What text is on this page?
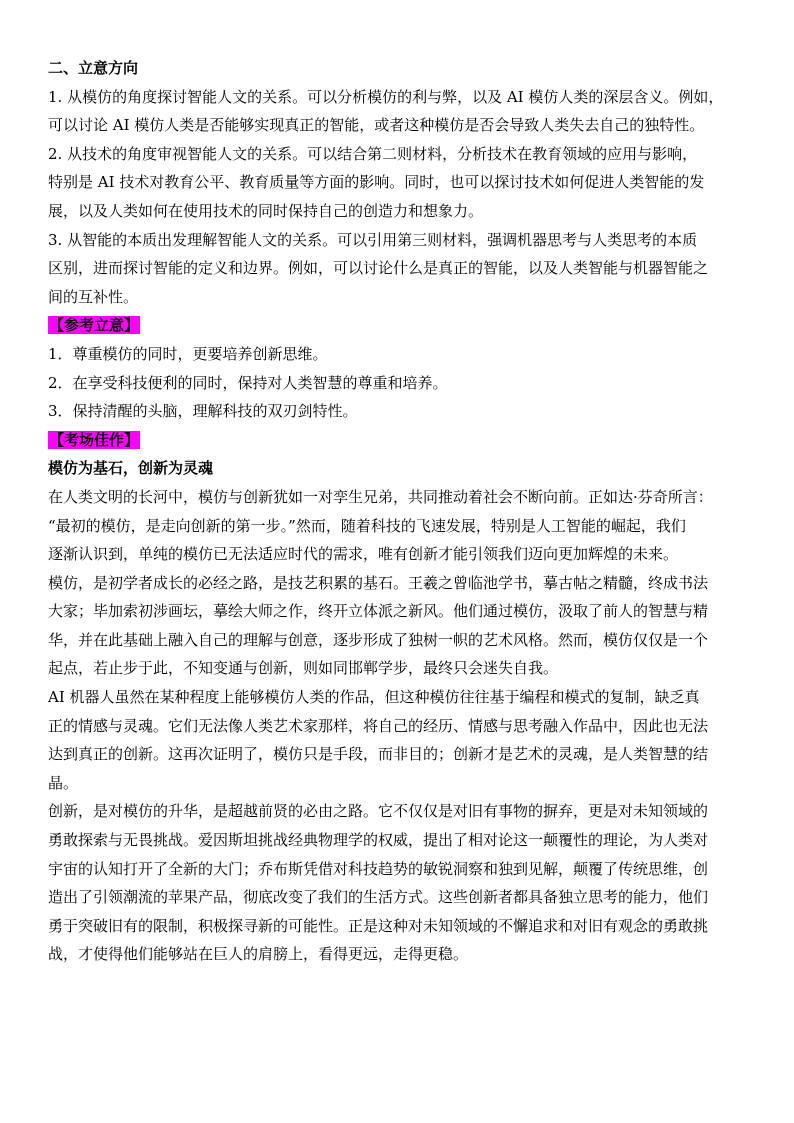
二、立意方向
1. 从模仿的角度探讨智能人文的关系。可以分析模仿的利与弊，以及 AI 模仿人类的深层含义。例如，
可以讨论 AI 模仿人类是否能够实现真正的智能，或者这种模仿是否会导致人类失去自己的独特性。
2. 从技术的角度审视智能人文的关系。可以结合第二则材料，分析技术在教育领域的应用与影响，
特别是 AI 技术对教育公平、教育质量等方面的影响。同时，也可以探讨技术如何促进人类智能的发
展，以及人类如何在使用技术的同时保持自己的创造力和想象力。
3. 从智能的本质出发理解智能人文的关系。可以引用第三则材料，强调机器思考与人类思考的本质
区别，进而探讨智能的定义和边界。例如，可以讨论什么是真正的智能，以及人类智能与机器智能之
间的互补性。
【参考立意】
1．尊重模仿的同时，更要培养创新思维。
2．在享受科技便利的同时，保持对人类智慧的尊重和培养。
3．保持清醒的头脑，理解科技的双刃剑特性。
【考场佳作】
模仿为基石，创新为灵魂
在人类文明的长河中，模仿与创新犹如一对孪生兄弟，共同推动着社会不断向前。正如达·芬奇所言：
“最初的模仿，是走向创新的第一步。”然而，随着科技的飞速发展，特别是人工智能的崛起，我们
逐渐认识到，单纯的模仿已无法适应时代的需求，唯有创新才能引领我们迈向更加辉煌的未来。
模仿，是初学者成长的必经之路，是技艺积累的基石。王羲之曾临池学书，摹古帖之精髓，终成书法
大家；毕加索初涉画坛，摹绘大师之作，终开立体派之新风。他们通过模仿，汲取了前人的智慧与精
华，并在此基础上融入自己的理解与创意，逐步形成了独树一帜的艺术风格。然而，模仿仅仅是一个
起点，若止步于此，不知变通与创新，则如同邯郸学步，最终只会迷失自我。
AI 机器人虽然在某种程度上能够模仿人类的作品，但这种模仿往往基于编程和模式的复制，缺乏真
正的情感与灵魂。它们无法像人类艺术家那样，将自己的经历、情感与思考融入作品中，因此也无法
达到真正的创新。这再次证明了，模仿只是手段，而非目的；创新才是艺术的灵魂，是人类智慧的结
晶。
创新，是对模仿的升华，是超越前贤的必由之路。它不仅仅是对旧有事物的摒弃，更是对未知领域的
勇敢探索与无畏挑战。爱因斯坦挑战经典物理学的权威，提出了相对论这一颠覆性的理论，为人类对
宇宙的认知打开了全新的大门；乔布斯凭借对科技趋势的敏锐洞察和独到见解，颠覆了传统思维，创
造出了引领潮流的苹果产品，彻底改变了我们的生活方式。这些创新者都具备独立思考的能力，他们
勇于突破旧有的限制，积极探寻新的可能性。正是这种对未知领域的不懈追求和对旧有观念的勇敢挑
战，才使得他们能够站在巨人的肩膀上，看得更远，走得更稳。
